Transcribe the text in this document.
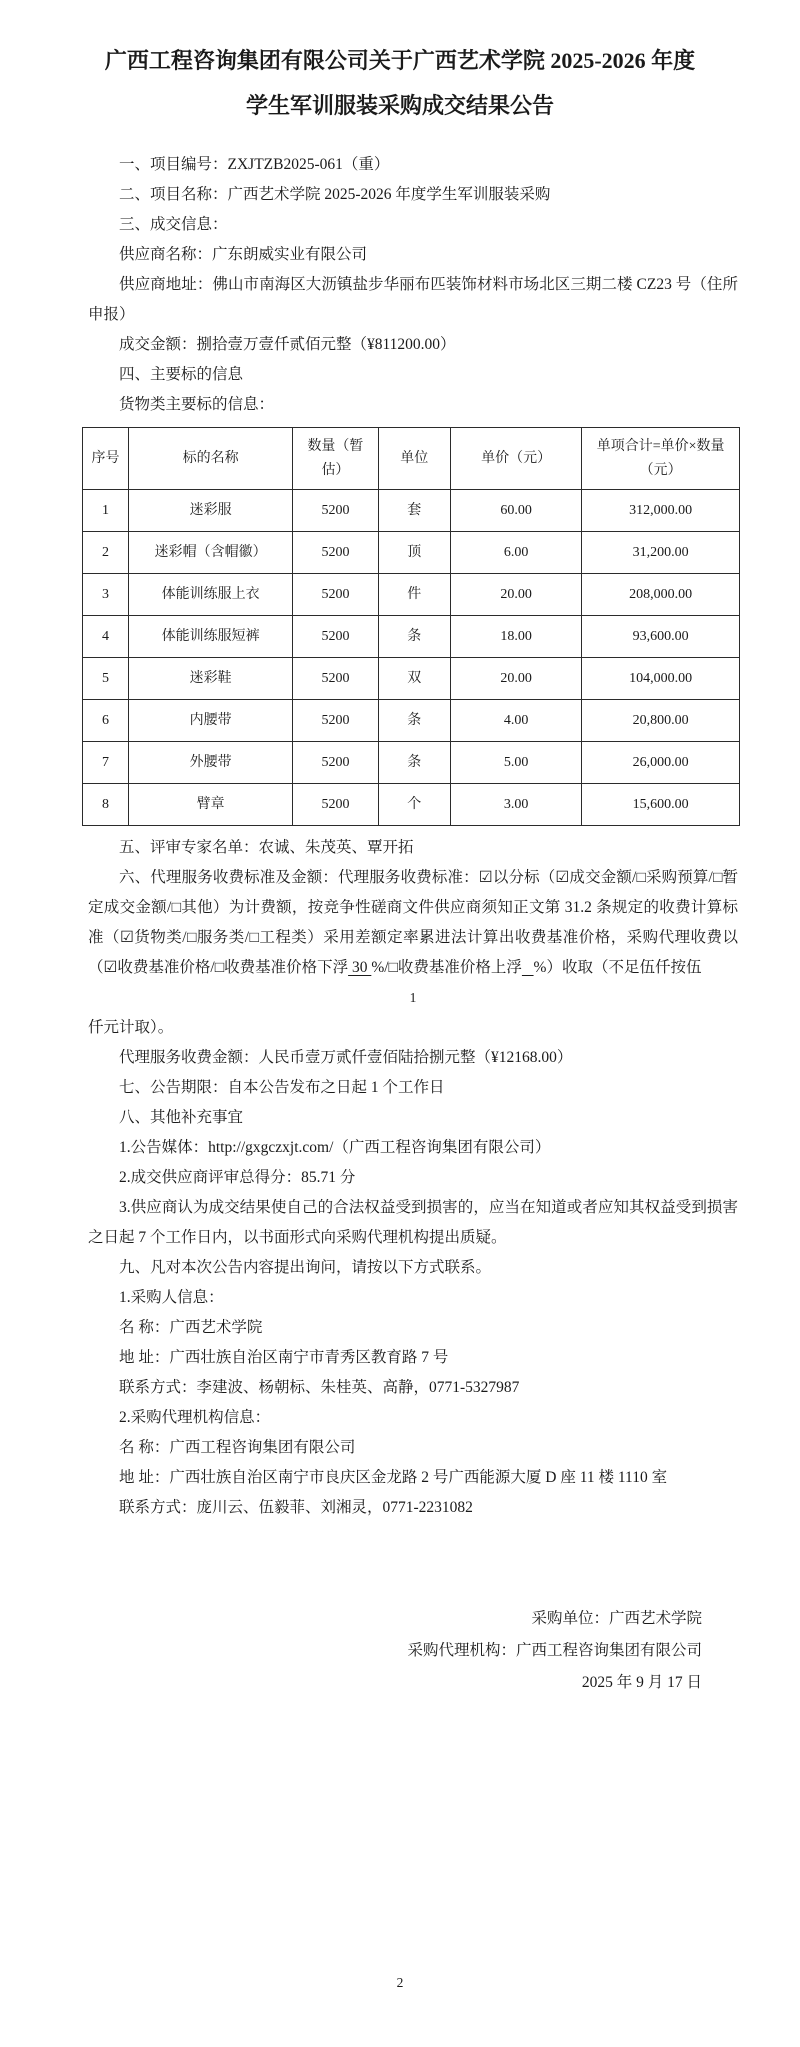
广西工程咨询集团有限公司关于广西艺术学院 2025-2026 年度
学生军训服装采购成交结果公告

一、项目编号：ZXJTZB2025-061（重）

二、项目名称：广西艺术学院 2025-2026 年度学生军训服装采购

三、成交信息：

供应商名称：广东朗威实业有限公司

供应商地址：佛山市南海区大沥镇盐步华丽布匹装饰材料市场北区三期二楼 CZ23 号（住所申报）

成交金额：捌拾壹万壹仟贰佰元整（¥811200.00）

四、主要标的信息

货物类主要标的信息：

序号	标的名称	数量（暂估）	单位	单价（元）	单项合计=单价×数量（元）
1	迷彩服	5200	套	60.00	312,000.00
2	迷彩帽（含帽徽）	5200	顶	6.00	31,200.00
3	体能训练服上衣	5200	件	20.00	208,000.00
4	体能训练服短裤	5200	条	18.00	93,600.00
5	迷彩鞋	5200	双	20.00	104,000.00
6	内腰带	5200	条	4.00	20,800.00
7	外腰带	5200	条	5.00	26,000.00
8	臂章	5200	个	3.00	15,600.00

五、评审专家名单：农诚、朱茂英、覃开拓

六、代理服务收费标准及金额：代理服务收费标准：☑以分标（☑成交金额/□采购预算/□暂定成交金额/□其他）为计费额，按竞争性磋商文件供应商须知正文第 31.2 条规定的收费计算标准（☑货物类/□服务类/□工程类）采用差额定率累进法计算出收费基准价格，采购代理收费以（☑收费基准价格/□收费基准价格下浮 30 %/□收费基准价格上浮 %）收取（不足伍仟按伍

1

仟元计取）。

代理服务收费金额：人民币壹万贰仟壹佰陆拾捌元整（¥12168.00）

七、公告期限：自本公告发布之日起 1 个工作日

八、其他补充事宜

1.公告媒体：http://gxgczxjt.com/（广西工程咨询集团有限公司）

2.成交供应商评审总得分：85.71 分

3.供应商认为成交结果使自己的合法权益受到损害的，应当在知道或者应知其权益受到损害之日起 7 个工作日内，以书面形式向采购代理机构提出质疑。

九、凡对本次公告内容提出询问，请按以下方式联系。

1.采购人信息：

名 称：广西艺术学院

地 址：广西壮族自治区南宁市青秀区教育路 7 号

联系方式：李建波、杨朝标、朱桂英、高静，0771-5327987

2.采购代理机构信息：

名 称：广西工程咨询集团有限公司

地 址：广西壮族自治区南宁市良庆区金龙路 2 号广西能源大厦 D 座 11 楼 1110 室

联系方式：庞川云、伍毅菲、刘湘灵，0771-2231082

采购单位：广西艺术学院

采购代理机构：广西工程咨询集团有限公司

2025 年 9 月 17 日

2
